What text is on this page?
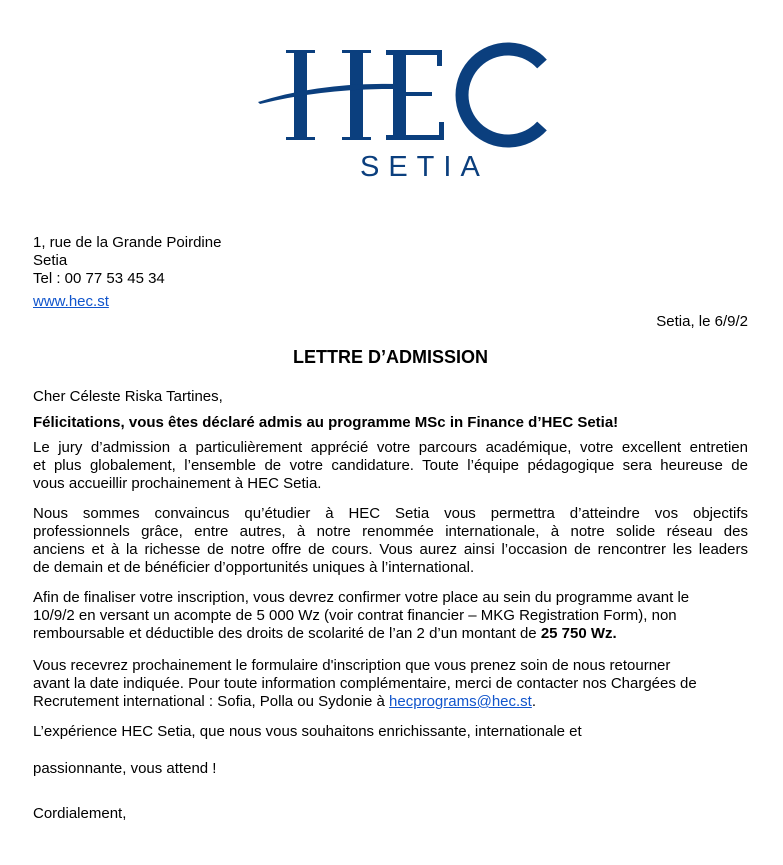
SETIA
1, rue de la Grande Poirdine
Setia
Tel : 00 77 53 45 34
www.hec.st
Setia, le 6/9/2
LETTRE D’ADMISSION
Cher Céleste Riska Tartines,
Félicitations, vous êtes déclaré admis au programme MSc in Finance d’HEC Setia!
Le jury d’admission a particulièrement apprécié votre parcours académique, votre excellent entretien
et plus globalement, l’ensemble de votre candidature. Toute l’équipe pédagogique sera heureuse de
vous accueillir prochainement à HEC Setia.
Nous sommes convaincus qu’étudier à HEC Setia vous permettra d’atteindre vos objectifs
professionnels grâce, entre autres, à notre renommée internationale, à notre solide réseau des
anciens et à la richesse de notre offre de cours. Vous aurez ainsi l’occasion de rencontrer les leaders
de demain et de bénéficier d’opportunités uniques à l’international.
Afin de finaliser votre inscription, vous devrez confirmer votre place au sein du programme avant le
10/9/2 en versant un acompte de 5 000 Wz (voir contrat financier – MKG Registration Form), non
remboursable et déductible des droits de scolarité de l’an 2 d’un montant de 25 750 Wz.
Vous recevrez prochainement le formulaire d'inscription que vous prenez soin de nous retourner
avant la date indiquée. Pour toute information complémentaire, merci de contacter nos Chargées de
Recrutement international : Sofia, Polla ou Sydonie à hecprograms@hec.st.
L’expérience HEC Setia, que nous vous souhaitons enrichissante, internationale et
passionnante, vous attend !
Cordialement,
